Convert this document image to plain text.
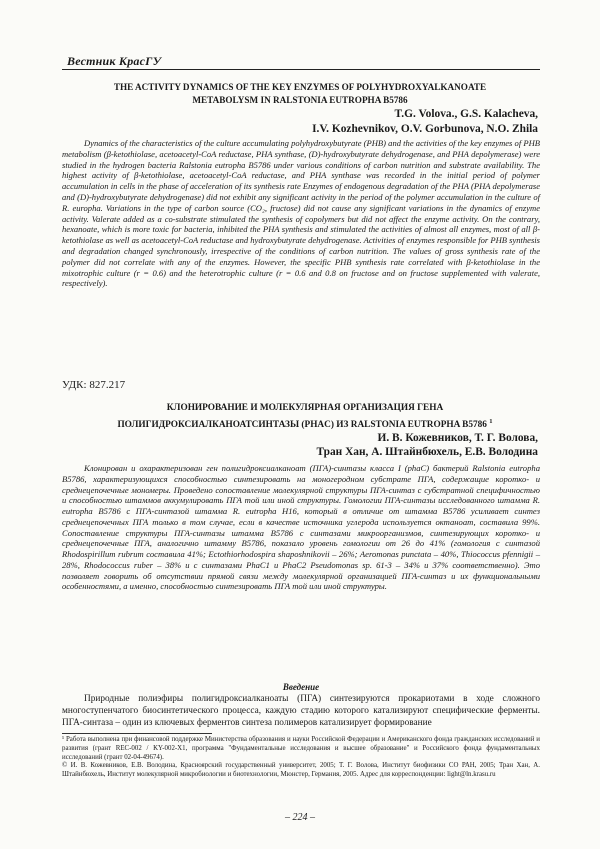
Вестник КрасГУ
THE ACTIVITY DYNAMICS OF THE KEY ENZYMES OF POLYHYDROXYALKANOATE
METABOLYSM IN RALSTONIA EUTROPHA B5786
T.G. Volova., G.S. Kalacheva,
I.V. Kozhevnikov, O.V. Gorbunova, N.O. Zhila

Dynamics of the characteristics of the culture accumulating polyhydroxybutyrate (PHB) and the activities of the key enzymes of PHB metabolism (β-ketothiolase, acetoacetyl-CoA reductase, PHA synthase, (D)-hydroxybutyrate dehydrogenase, and PHA depolymerase) were studied in the hydrogen bacteria Ralstonia eutropha B5786 under various conditions of carbon nutrition and substrate availability. The highest activity of β-ketothiolase, acetoacetyl-CoA reductase, and PHA synthase was recorded in the initial period of polymer accumulation in cells in the phase of acceleration of its synthesis rate Enzymes of endogenous degradation of the PHA (PHA depolymerase and (D)-hydroxybutyrate dehydrogenase) did not exhibit any significant activity in the period of the polymer accumulation in the culture of R. europha. Variations in the type of carbon source (CO₂, fructose) did not cause any significant variations in the dynamics of enzyme activity. Valerate added as a co-substrate stimulated the synthesis of copolymers but did not affect the enzyme activity. On the contrary, hexanoate, which is more toxic for bacteria, inhibited the PHA synthesis and stimulated the activities of almost all enzymes, most of all β-ketothiolase as well as acetoacetyl-CoA reductase and hydroxybutyrate dehydrogenase. Activities of enzymes responsible for PHB synthesis and degradation changed synchronously, irrespective of the conditions of carbon nutrition. The values of gross synthesis rate of the polymer did not correlate with any of the enzymes. However, the specific PHB synthesis rate correlated with β-ketothiolase in the mixotrophic culture (r = 0.6) and the heterotrophic culture (r = 0.6 and 0.8 on fructose and on fructose supplemented with valerate, respectively).

УДК: 827.217
КЛОНИРОВАНИЕ И МОЛЕКУЛЯРНАЯ ОРГАНИЗАЦИЯ ГЕНА
ПОЛИГИДРОКСИАЛКАНОАТСИНТАЗЫ (PHAC) ИЗ RALSTONIA EUTROPHA B5786 $^1$
И. В. Кожевников, Т. Г. Волова,
Тран Хан, А. Штайнбюхель, Е.В. Володина

Клонирован и охарактеризован ген полигидроксиалканоат (ПГА)-синтазы класса I (phaC) бактерий Ralstonia eutropha B5786, характеризующихся способностью синтезировать на моногеродном субстрате ПГА, содержащие коротко- и среднецепочечные мономеры. Проведено сопоставление молекулярной структуры ПГА-синтаз с субстратной специфичностью и способностью штаммов аккумулировать ПГА той или иной структуры. Гомологии ПГА-синтазы исследованного штамма R. eutropha B5786 с ПГА-синтазой штамма R. eutropha H16, который в отличие от штамма B5786 усиливает синтез среднецепочечных ПГА только в том случае, если в качестве источника углерода используется октаноат, составила 99%. Сопоставление структуры ПГА-синтазы штамма B5786 с синтазами микроорганизмов, синтезирующих коротко- и среднецепочечные ПГА, аналогично штамму B5786, показало уровень гомологии от 26 до 41% (гомология с синтазой Rhodospirillum rubrum составила 41%; Ectothiorhodospira shaposhnikovii – 26%; Aeromonas punctata – 40%, Thiococcus pfennigii – 28%, Rhodococcus ruber – 38% и с синтазами PhaC1 и PhaC2 Pseudomonas sp. 61-3 – 34% и 37% соответственно). Это позволяет говорить об отсутствии прямой связи между молекулярной организацией ПГА-синтаз и их функциональными особенностями, а именно, способностью синтезировать ПГА той или иной структуры.

Введение

Природные полиэфиры полигидроксиалканоаты (ПГА) синтезируются прокариотами в ходе сложного многоступенчатого биосинтетического процесса, каждую стадию которого катализируют специфические ферменты. ПГА-синтаза – один из ключевых ферментов синтеза полимеров катализирует формирование

¹ Работа выполнена при финансовой поддержке Министерства образования и науки Российской Федерации и Американского фонда гражданских исследований и развития (грант REC-002 / KY-002-X1, программа "Фундаментальные исследования и высшее образование" и Российского фонда фундаментальных исследований (грант 02-04-49674).

© И. В. Кожевников, Е.В. Володина, Красноярский государственный университет, 2005; Т. Г. Волова, Институт биофизики СО РАН, 2005; Тран Хан, А. Штайнбюхель, Институт молекулярной микробиологии и биотехнологии, Мюнстер, Германия, 2005. Адрес для корреспонденции: light@ln.krasu.ru

– 224 –
